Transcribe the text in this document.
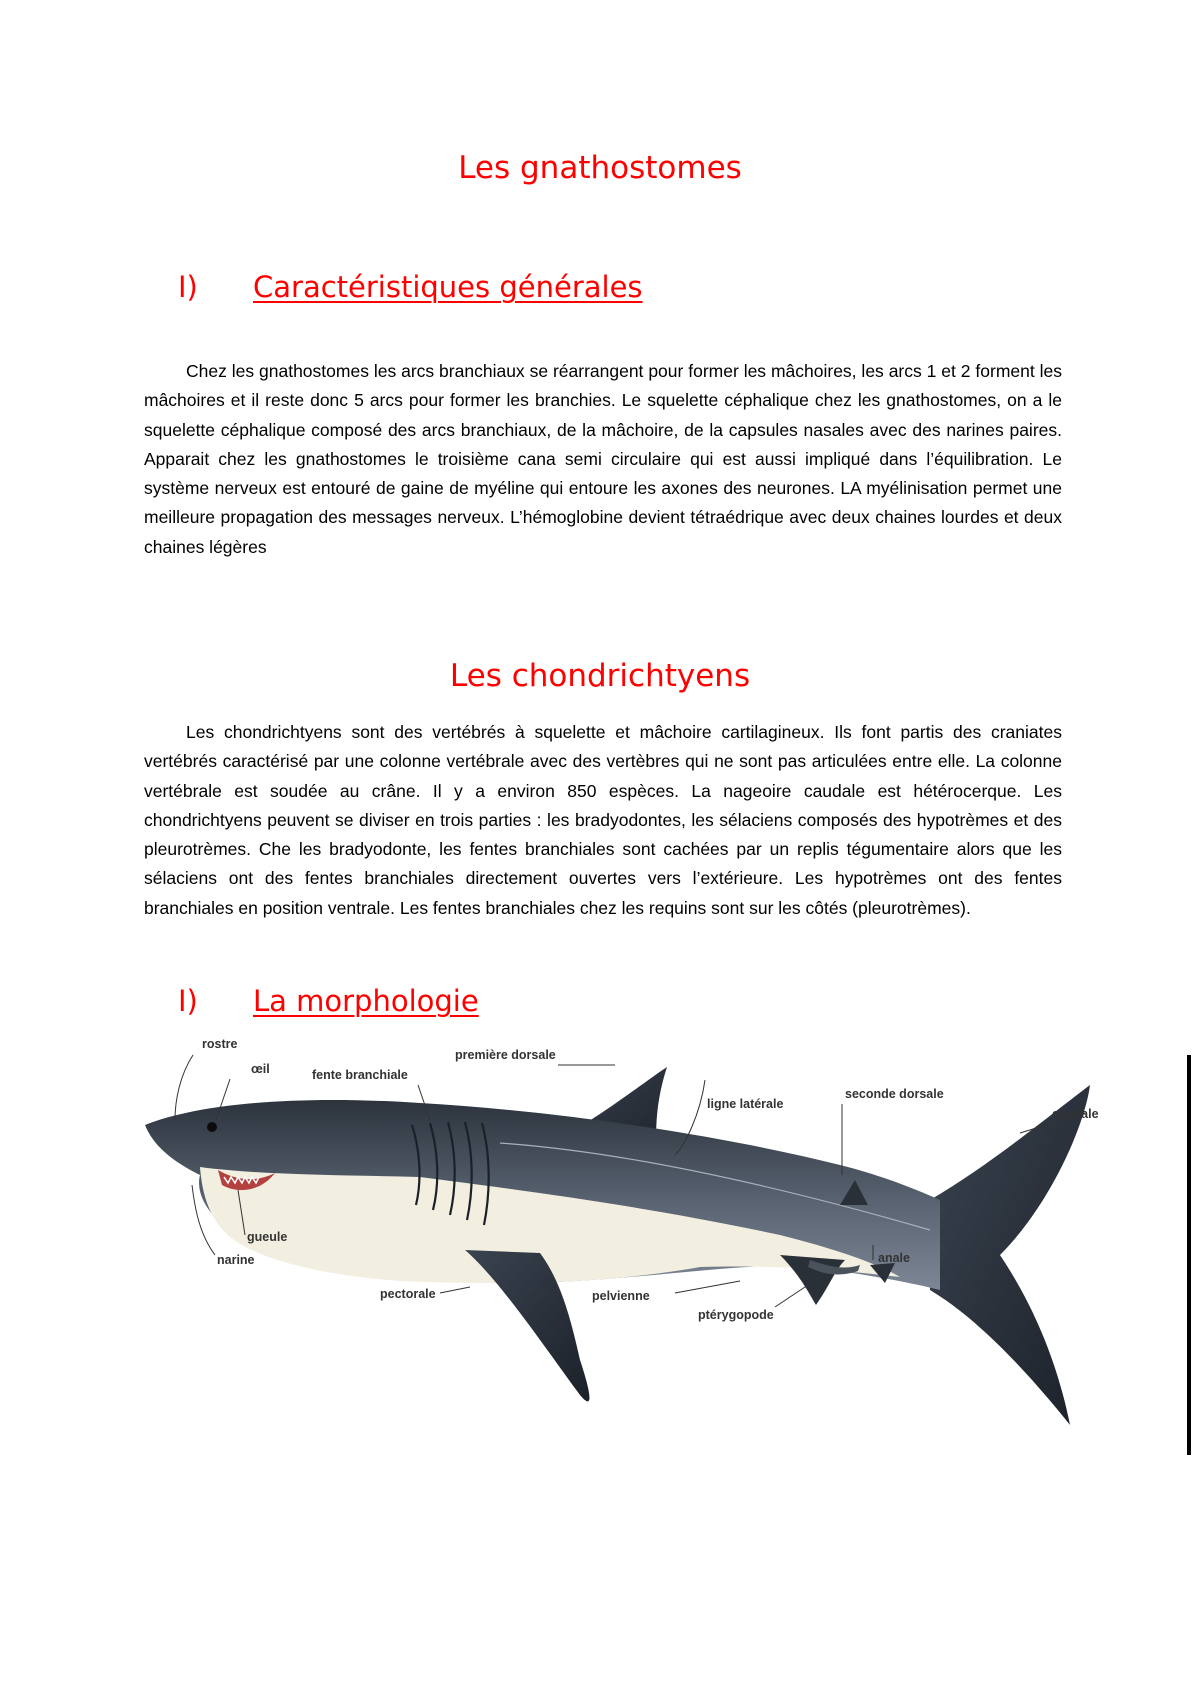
Les gnathostomes
I) Caractéristiques générales
Chez les gnathostomes les arcs branchiaux se réarrangent pour former les mâchoires, les arcs 1 et 2 forment les mâchoires et il reste donc 5 arcs pour former les branchies. Le squelette céphalique chez les gnathostomes, on a le squelette céphalique composé des arcs branchiaux, de la mâchoire, de la capsules nasales avec des narines paires. Apparait chez les gnathostomes le troisième cana semi circulaire qui est aussi impliqué dans l’équilibration. Le système nerveux est entouré de gaine de myéline qui entoure les axones des neurones. LA myélinisation permet une meilleure propagation des messages nerveux. L’hémoglobine devient tétraédrique avec deux chaines lourdes et deux chaines légères
Les chondrichtyens
Les chondrichtyens sont des vertébrés à squelette et mâchoire cartilagineux. Ils font partis des craniates vertébrés caractérisé par une colonne vertébrale avec des vertèbres qui ne sont pas articulées entre elle. La colonne vertébrale est soudée au crâne. Il y a environ 850 espèces. La nageoire caudale est hétérocerque. Les chondrichtyens peuvent se diviser en trois parties : les bradyodontes, les sélaciens composés des hypotrèmes et des pleurotrèmes. Che les bradyodonte, les fentes branchiales sont cachées par un replis tégumentaire alors que les sélaciens ont des fentes branchiales directement ouvertes vers l’extérieure. Les hypotrèmes ont des fentes branchiales en position ventrale. Les fentes branchiales chez les requins sont sur les côtés (pleurotrèmes).
I) La morphologie
première dorsale
fente branchiale
rostre
œil
ligne latérale
seconde dorsale
caudale
gueule
narine
pectorale	pelvienne
ptérygopode
anale
